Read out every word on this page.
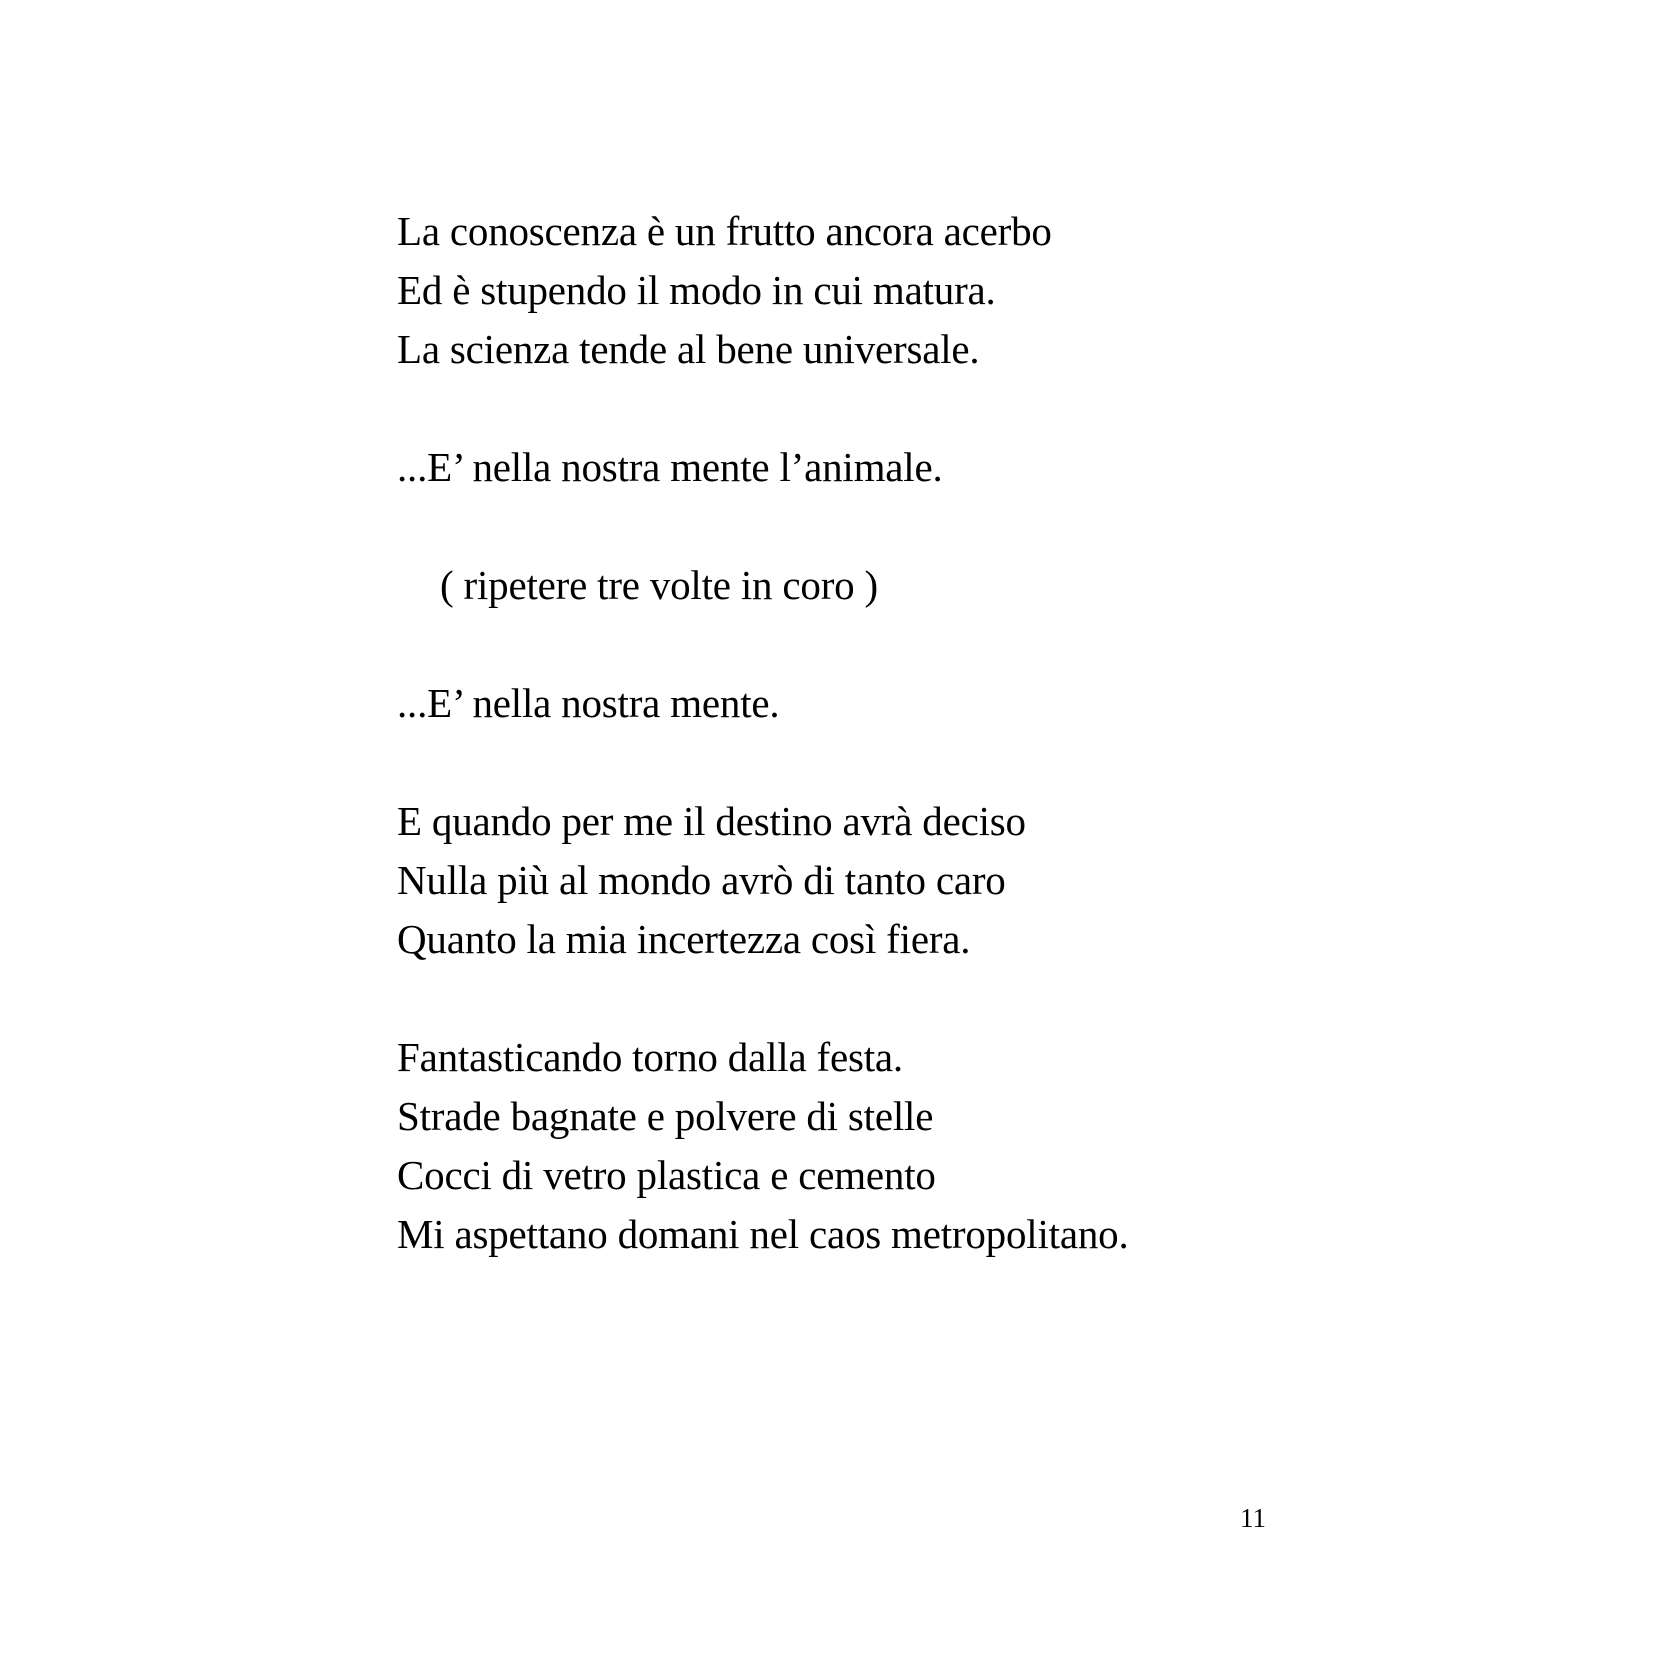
La conoscenza è un frutto ancora acerbo
Ed è stupendo il modo in cui matura.
La scienza tende al bene universale.
...E’ nella nostra mente l’animale.
( ripetere tre volte in coro )
...E’ nella nostra mente.
E quando per me il destino avrà deciso
Nulla più al mondo avrò di tanto caro
Quanto la mia incertezza così fiera.
Fantasticando torno dalla festa.
Strade bagnate e polvere di stelle
Cocci di vetro plastica e cemento
Mi aspettano domani nel caos metropolitano.
11
